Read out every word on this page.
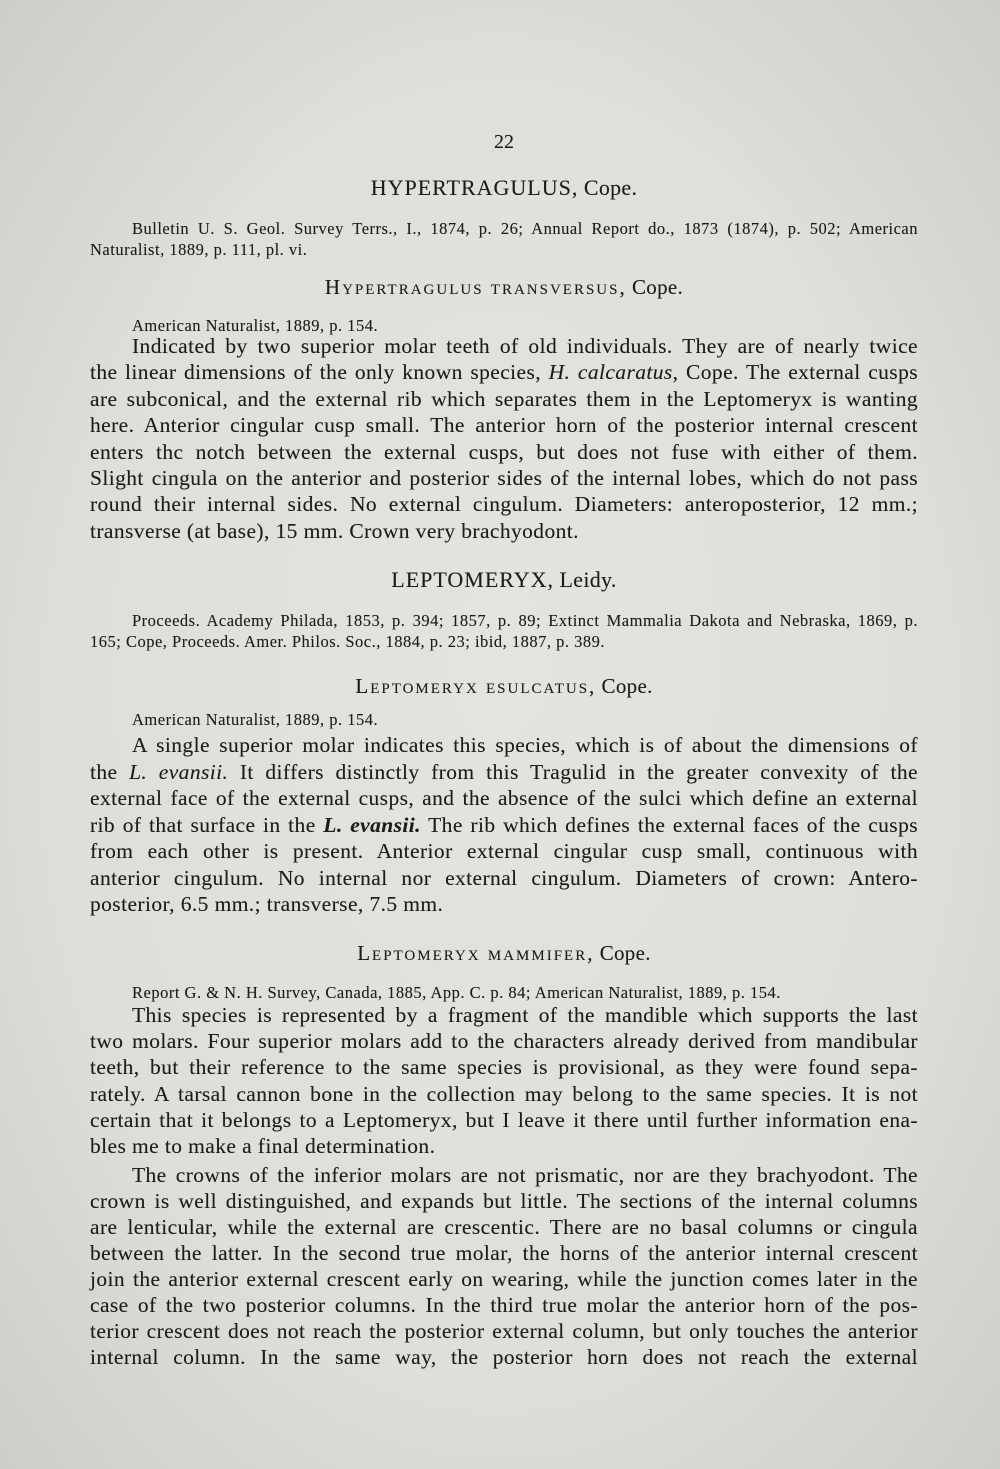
22
HYPERTRAGULUS, Cope.
Bulletin U. S. Geol. Survey Terrs., I., 1874, p. 26; Annual Report do., 1873 (1874), p. 502; American
Naturalist, 1889, p. 111, pl. vi.
Hypertragulus transversus, Cope.
American Naturalist, 1889, p. 154.
Indicated by two superior molar teeth of old individuals. They are of nearly twice
the linear dimensions of the only known species, H. calcaratus, Cope. The external cusps
are subconical, and the external rib which separates them in the Leptomeryx is wanting
here. Anterior cingular cusp small. The anterior horn of the posterior internal crescent
enters thc notch between the external cusps, but does not fuse with either of them.
Slight cingula on the anterior and posterior sides of the internal lobes, which do not pass
round their internal sides. No external cingulum. Diameters: anteroposterior, 12 mm.;
transverse (at base), 15 mm. Crown very brachyodont.
LEPTOMERYX, Leidy.
Proceeds. Academy Philada, 1853, p. 394; 1857, p. 89; Extinct Mammalia Dakota and Nebraska, 1869, p.
165; Cope, Proceeds. Amer. Philos. Soc., 1884, p. 23; ibid, 1887, p. 389.
Leptomeryx esulcatus, Cope.
American Naturalist, 1889, p. 154.
A single superior molar indicates this species, which is of about the dimensions of
the L. evansii. It differs distinctly from this Tragulid in the greater convexity of the
external face of the external cusps, and the absence of the sulci which define an external
rib of that surface in the L. evansii. The rib which defines the external faces of the cusps
from each other is present. Anterior external cingular cusp small, continuous with
anterior cingulum. No internal nor external cingulum. Diameters of crown: Antero-
posterior, 6.5 mm.; transverse, 7.5 mm.
Leptomeryx mammifer, Cope.
Report G. & N. H. Survey, Canada, 1885, App. C. p. 84; American Naturalist, 1889, p. 154.
This species is represented by a fragment of the mandible which supports the last
two molars. Four superior molars add to the characters already derived from mandibular
teeth, but their reference to the same species is provisional, as they were found sepa-
rately. A tarsal cannon bone in the collection may belong to the same species. It is not
certain that it belongs to a Leptomeryx, but I leave it there until further information ena-
bles me to make a final determination.
The crowns of the inferior molars are not prismatic, nor are they brachyodont. The
crown is well distinguished, and expands but little. The sections of the internal columns
are lenticular, while the external are crescentic. There are no basal columns or cingula
between the latter. In the second true molar, the horns of the anterior internal crescent
join the anterior external crescent early on wearing, while the junction comes later in the
case of the two posterior columns. In the third true molar the anterior horn of the pos-
terior crescent does not reach the posterior external column, but only touches the anterior
internal column. In the same way, the posterior horn does not reach the external
